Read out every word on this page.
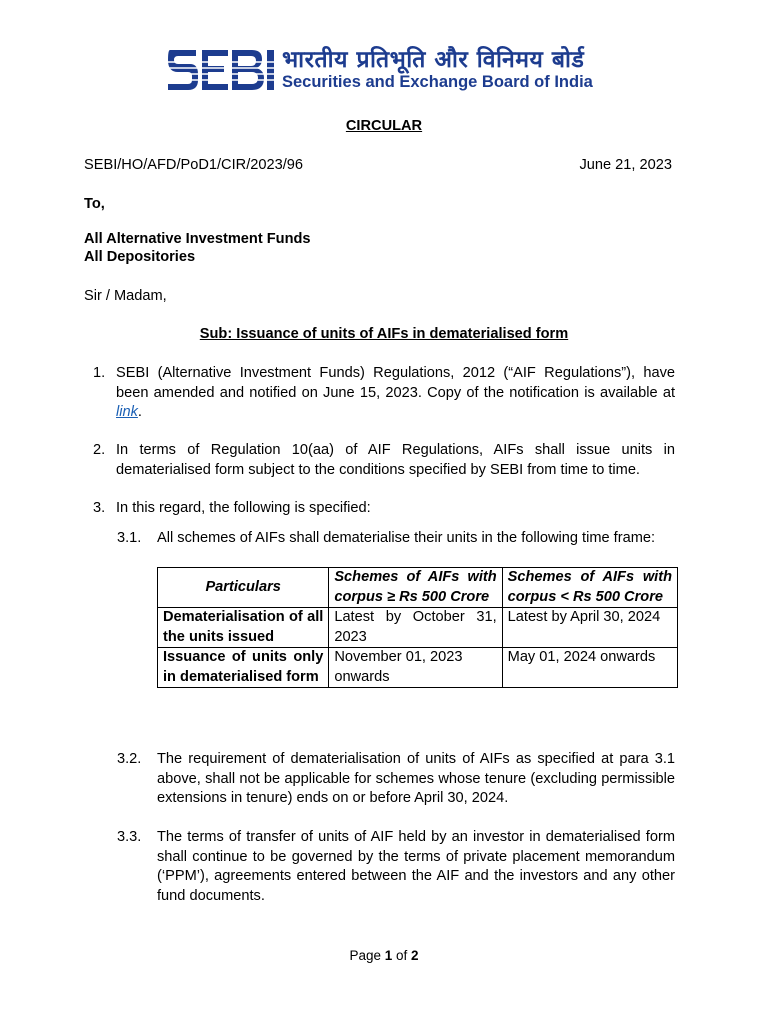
भारतीय प्रतिभूति और विनिमय बोर्ड
Securities and Exchange Board of India
CIRCULAR
SEBI/HO/AFD/PoD1/CIR/2023/96	June 21, 2023
To,
All Alternative Investment Funds
All Depositories
Sir / Madam,
Sub: Issuance of units of AIFs in dematerialised form
1. SEBI (Alternative Investment Funds) Regulations, 2012 (“AIF Regulations”), have been amended and notified on June 15, 2023. Copy of the notification is available at link.
2. In terms of Regulation 10(aa) of AIF Regulations, AIFs shall issue units in dematerialised form subject to the conditions specified by SEBI from time to time.
3. In this regard, the following is specified:
3.1. All schemes of AIFs shall dematerialise their units in the following time frame:
Particulars	Schemes of AIFs with corpus ≥ Rs 500 Crore	Schemes of AIFs with corpus < Rs 500 Crore
Dematerialisation of all the units issued	Latest by October 31, 2023	Latest by April 30, 2024
Issuance of units only in dematerialised form	November 01, 2023 onwards	May 01, 2024 onwards
3.2. The requirement of dematerialisation of units of AIFs as specified at para 3.1 above, shall not be applicable for schemes whose tenure (excluding permissible extensions in tenure) ends on or before April 30, 2024.
3.3. The terms of transfer of units of AIF held by an investor in dematerialised form shall continue to be governed by the terms of private placement memorandum (‘PPM’), agreements entered between the AIF and the investors and any other fund documents.
Page 1 of 2
